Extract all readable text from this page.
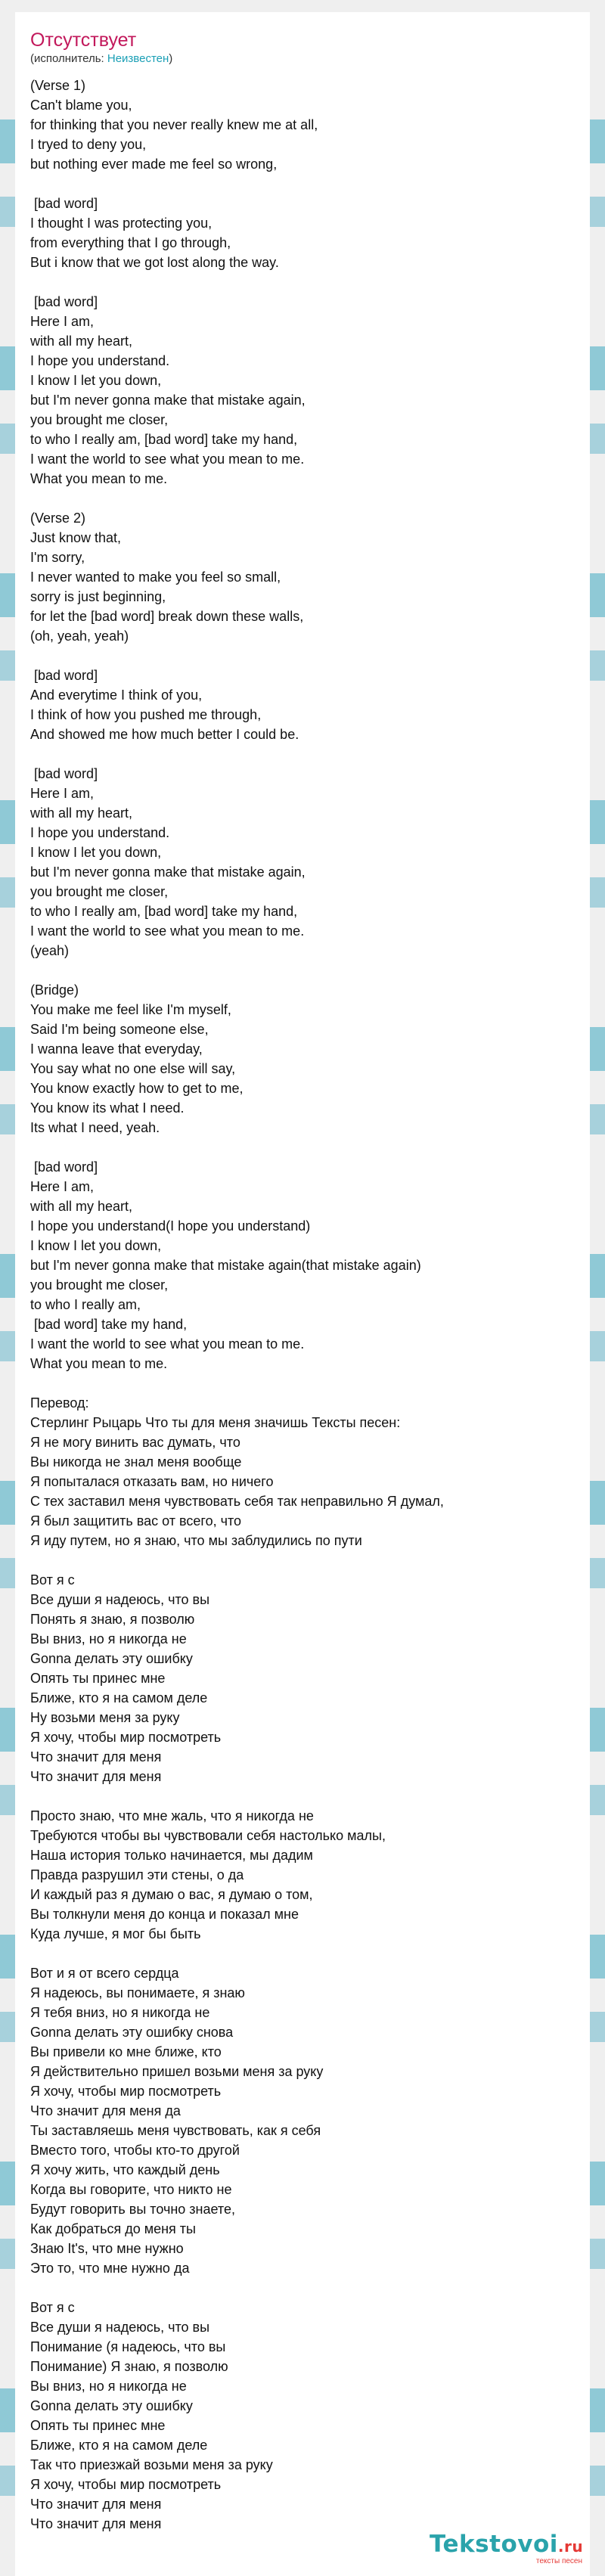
Отсутствует
(исполнитель: Неизвестен)
(Verse 1)
Can't blame you,
for thinking that you never really knew me at all,
I tryed to deny you,
but nothing ever made me feel so wrong,

[bad word]
I thought I was protecting you,
from everything that I go through,
But i know that we got lost along the way.

[bad word]
Here I am,
with all my heart,
I hope you understand.
I know I let you down,
but I'm never gonna make that mistake again,
you brought me closer,
to who I really am, [bad word] take my hand,
I want the world to see what you mean to me.
What you mean to me.

(Verse 2)
Just know that,
I'm sorry,
I never wanted to make you feel so small,
sorry is just beginning,
for let the [bad word] break down these walls,
(oh, yeah, yeah)

[bad word]
And everytime I think of you,
I think of how you pushed me through,
And showed me how much better I could be.

[bad word]
Here I am,
with all my heart,
I hope you understand.
I know I let you down,
but I'm never gonna make that mistake again,
you brought me closer,
to who I really am, [bad word] take my hand,
I want the world to see what you mean to me.
(yeah)

(Bridge)
You make me feel like I'm myself,
Said I'm being someone else,
I wanna leave that everyday,
You say what no one else will say,
You know exactly how to get to me,
You know its what I need.
Its what I need, yeah.

[bad word]
Here I am,
with all my heart,
I hope you understand(I hope you understand)
I know I let you down,
but I'm never gonna make that mistake again(that mistake again)
you brought me closer,
to who I really am,
[bad word] take my hand,
I want the world to see what you mean to me.
What you mean to me.

Перевод:
Стерлинг Рыцарь Что ты для меня значишь Тексты песен:
Я не могу винить вас думать, что
Вы никогда не знал меня вообще
Я попыталася отказать вам, но ничего
С тех заставил меня чувствовать себя так неправильно Я думал,
Я был защитить вас от всего, что
Я иду путем, но я знаю, что мы заблудились по пути

Вот я с
Все души я надеюсь, что вы
Понять я знаю, я позволю
Вы вниз, но я никогда не
Gonna делать эту ошибку
Опять ты принес мне
Ближе, кто я на самом деле
Ну возьми меня за руку
Я хочу, чтобы мир посмотреть
Что значит для меня
Что значит для меня

Просто знаю, что мне жаль, что я никогда не
Требуются чтобы вы чувствовали себя настолько малы,
Наша история только начинается, мы дадим
Правда разрушил эти стены, о да
И каждый раз я думаю о вас, я думаю о том,
Вы толкнули меня до конца и показал мне
Куда лучше, я мог бы быть

Вот и я от всего сердца
Я надеюсь, вы понимаете, я знаю
Я тебя вниз, но я никогда не
Gonna делать эту ошибку снова
Вы привели ко мне ближе, кто
Я действительно пришел возьми меня за руку
Я хочу, чтобы мир посмотреть
Что значит для меня да
Ты заставляешь меня чувствовать, как я себя
Вместо того, чтобы кто-то другой
Я хочу жить, что каждый день
Когда вы говорите, что никто не
Будут говорить вы точно знаете,
Как добраться до меня ты
Знаю It's, что мне нужно
Это то, что мне нужно да

Вот я с
Все души я надеюсь, что вы
Понимание (я надеюсь, что вы
Понимание) Я знаю, я позволю
Вы вниз, но я никогда не
Gonna делать эту ошибку
Опять ты принес мне
Ближе, кто я на самом деле
Так что приезжай возьми меня за руку
Я хочу, чтобы мир посмотреть
Что значит для меня
Что значит для меня
Tekstovoi.ru
тексты песен
